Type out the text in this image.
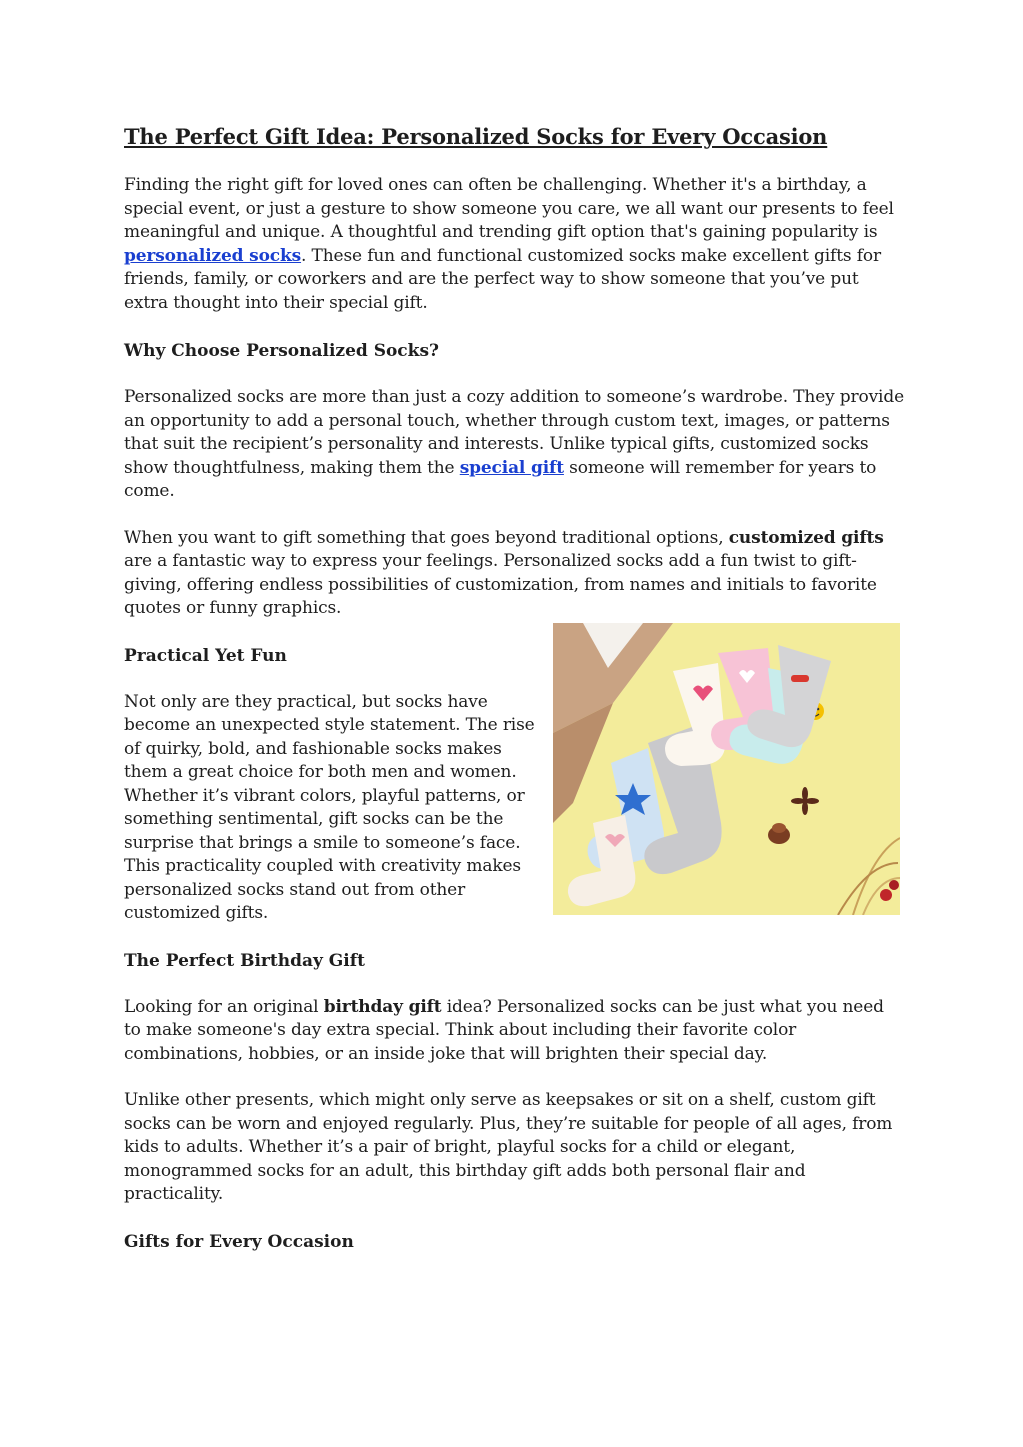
The Perfect Gift Idea: Personalized Socks for Every Occasion

Finding the right gift for loved ones can often be challenging. Whether it's a birthday, a special event, or just a gesture to show someone you care, we all want our presents to feel meaningful and unique. A thoughtful and trending gift option that's gaining popularity is personalized socks. These fun and functional customized socks make excellent gifts for friends, family, or coworkers and are the perfect way to show someone that you’ve put extra thought into their special gift.

Why Choose Personalized Socks?

Personalized socks are more than just a cozy addition to someone’s wardrobe. They provide an opportunity to add a personal touch, whether through custom text, images, or patterns that suit the recipient’s personality and interests. Unlike typical gifts, customized socks show thoughtfulness, making them the special gift someone will remember for years to come.

When you want to gift something that goes beyond traditional options, customized gifts are a fantastic way to express your feelings. Personalized socks add a fun twist to gift-giving, offering endless possibilities of customization, from names and initials to favorite quotes or funny graphics.

Practical Yet Fun

Not only are they practical, but socks have become an unexpected style statement. The rise of quirky, bold, and fashionable socks makes them a great choice for both men and women. Whether it’s vibrant colors, playful patterns, or something sentimental, gift socks can be the surprise that brings a smile to someone’s face. This practicality coupled with creativity makes personalized socks stand out from other customized gifts.

The Perfect Birthday Gift

Looking for an original birthday gift idea? Personalized socks can be just what you need to make someone's day extra special. Think about including their favorite color combinations, hobbies, or an inside joke that will brighten their special day.

Unlike other presents, which might only serve as keepsakes or sit on a shelf, custom gift socks can be worn and enjoyed regularly. Plus, they’re suitable for people of all ages, from kids to adults. Whether it’s a pair of bright, playful socks for a child or elegant, monogrammed socks for an adult, this birthday gift adds both personal flair and practicality.

Gifts for Every Occasion
